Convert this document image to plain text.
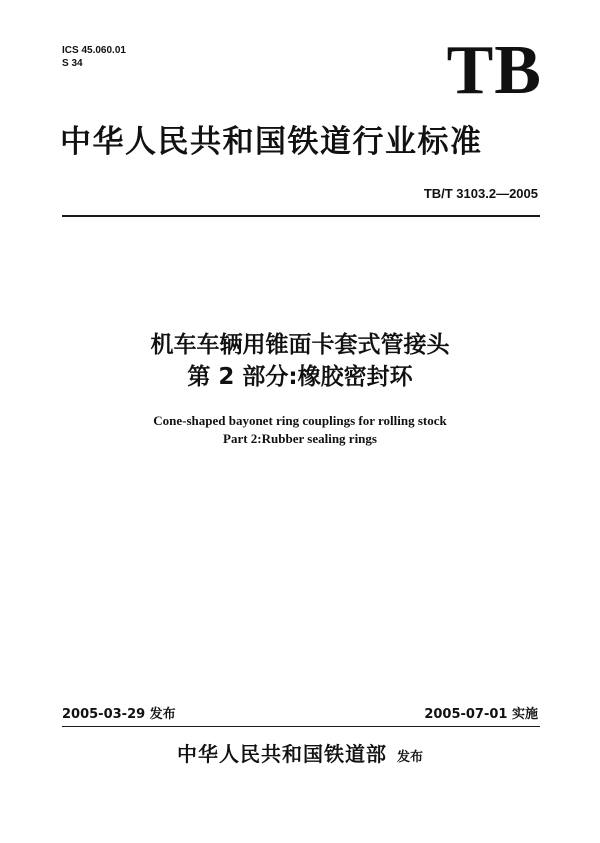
ICS 45.060.01
S 34	TB
中华人民共和国铁道行业标准
TB/T 3103.2—2005
机车车辆用锥面卡套式管接头
第 2 部分:橡胶密封环
Cone-shaped bayonet ring couplings for rolling stock
Part 2:Rubber sealing rings
2005-03-29 发布	2005-07-01 实施
中华人民共和国铁道部 发布
